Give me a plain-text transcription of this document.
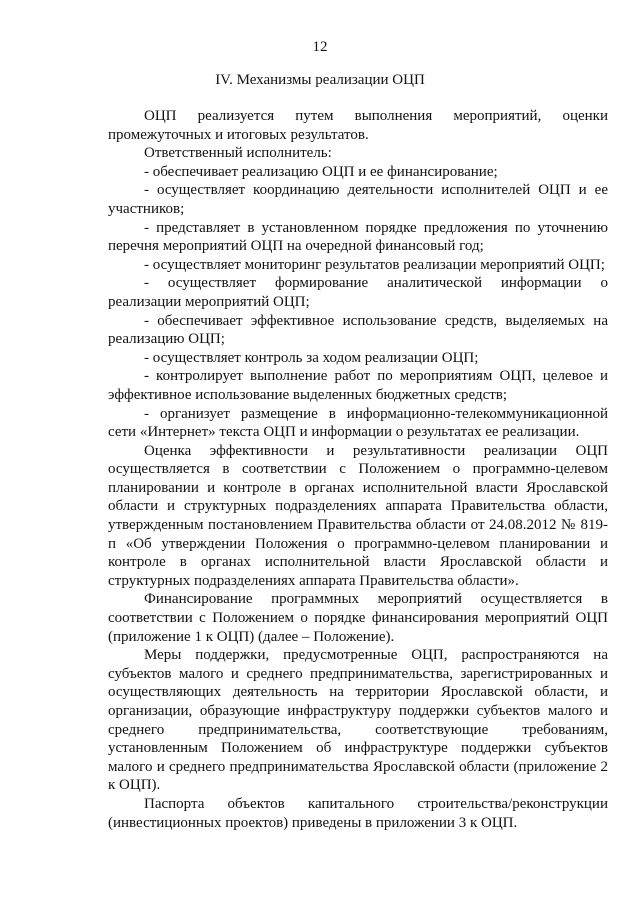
12
IV. Механизмы реализации ОЦП

ОЦП реализуется путем выполнения мероприятий, оценки промежуточных и итоговых результатов.

Ответственный исполнитель:

- обеспечивает реализацию ОЦП и ее финансирование;

- осуществляет координацию деятельности исполнителей ОЦП и ее участников;

- представляет в установленном порядке предложения по уточнению перечня мероприятий ОЦП на очередной финансовый год;

- осуществляет мониторинг результатов реализации мероприятий ОЦП;

- осуществляет формирование аналитической информации о реализации мероприятий ОЦП;

- обеспечивает эффективное использование средств, выделяемых на реализацию ОЦП;

- осуществляет контроль за ходом реализации ОЦП;

- контролирует выполнение работ по мероприятиям ОЦП, целевое и эффективное использование выделенных бюджетных средств;

- организует размещение в информационно-телекоммуникационной сети «Интернет» текста ОЦП и информации о результатах ее реализации.

Оценка эффективности и результативности реализации ОЦП осуществляется в соответствии с Положением о программно-целевом планировании и контроле в органах исполнительной власти Ярославской области и структурных подразделениях аппарата Правительства области, утвержденным постановлением Правительства области от 24.08.2012 № 819-п «Об утверждении Положения о программно-целевом планировании и контроле в органах исполнительной власти Ярославской области и структурных подразделениях аппарата Правительства области».

Финансирование программных мероприятий осуществляется в соответствии с Положением о порядке финансирования мероприятий ОЦП (приложение 1 к ОЦП) (далее – Положение).

Меры поддержки, предусмотренные ОЦП, распространяются на субъектов малого и среднего предпринимательства, зарегистрированных и осуществляющих деятельность на территории Ярославской области, и организации, образующие инфраструктуру поддержки субъектов малого и среднего предпринимательства, соответствующие требованиям, установленным Положением об инфраструктуре поддержки субъектов малого и среднего предпринимательства Ярославской области (приложение 2 к ОЦП).

Паспорта объектов капитального строительства/реконструкции (инвестиционных проектов) приведены в приложении 3 к ОЦП.
